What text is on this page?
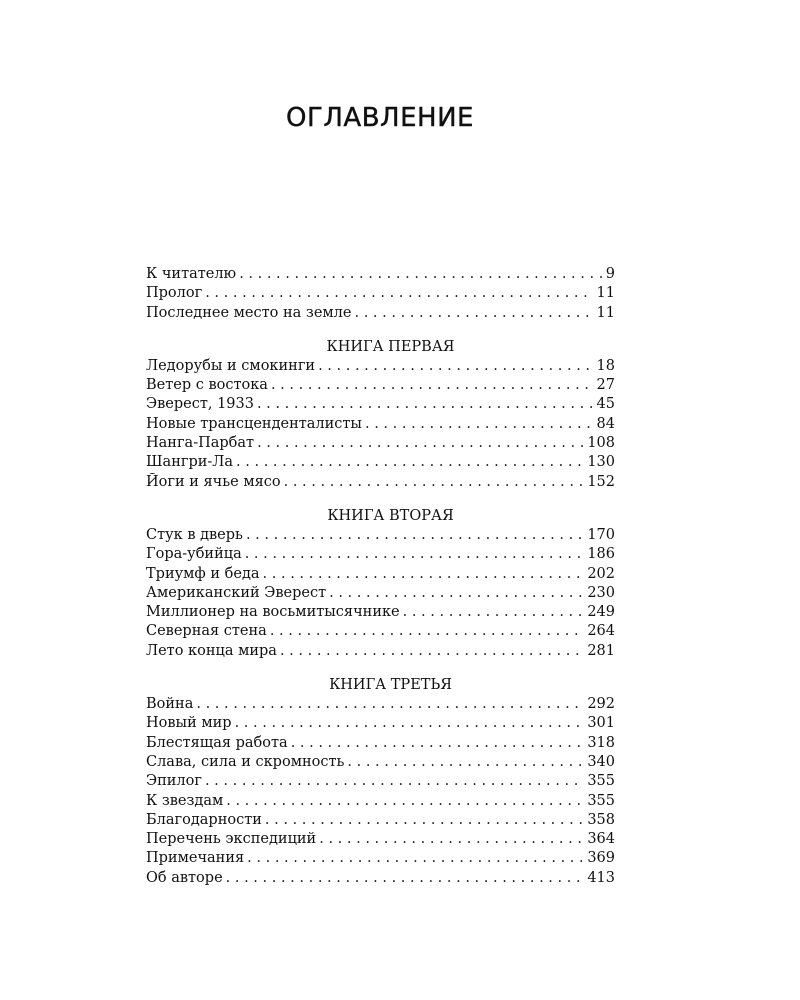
ОГЛАВЛЕНИЕ
К читателю . . .	9
Пролог . . .	11
Последнее место на земле . . .	11
КНИГА ПЕРВАЯ
Ледорубы и смокинги . . .	18
Ветер с востока . . .	27
Эверест, 1933 . . .	45
Новые трансценденталисты . . .	84
Нанга-Парбат . . .	108
Шангри-Ла . . .	130
Йоги и ячье мясо . . .	152
КНИГА ВТОРАЯ
Стук в дверь . . .	170
Гора-убийца . . .	186
Триумф и беда . . .	202
Американский Эверест . . .	230
Миллионер на восьмитысячнике . . .	249
Северная стена . . .	264
Лето конца мира . . .	281
КНИГА ТРЕТЬЯ
Война . . .	292
Новый мир . . .	301
Блестящая работа . . .	318
Слава, сила и скромность . . .	340
Эпилог . . .	355
К звездам . . .	355
Благодарности . . .	358
Перечень экспедиций . . .	364
Примечания . . .	369
Об авторе . . .	413
